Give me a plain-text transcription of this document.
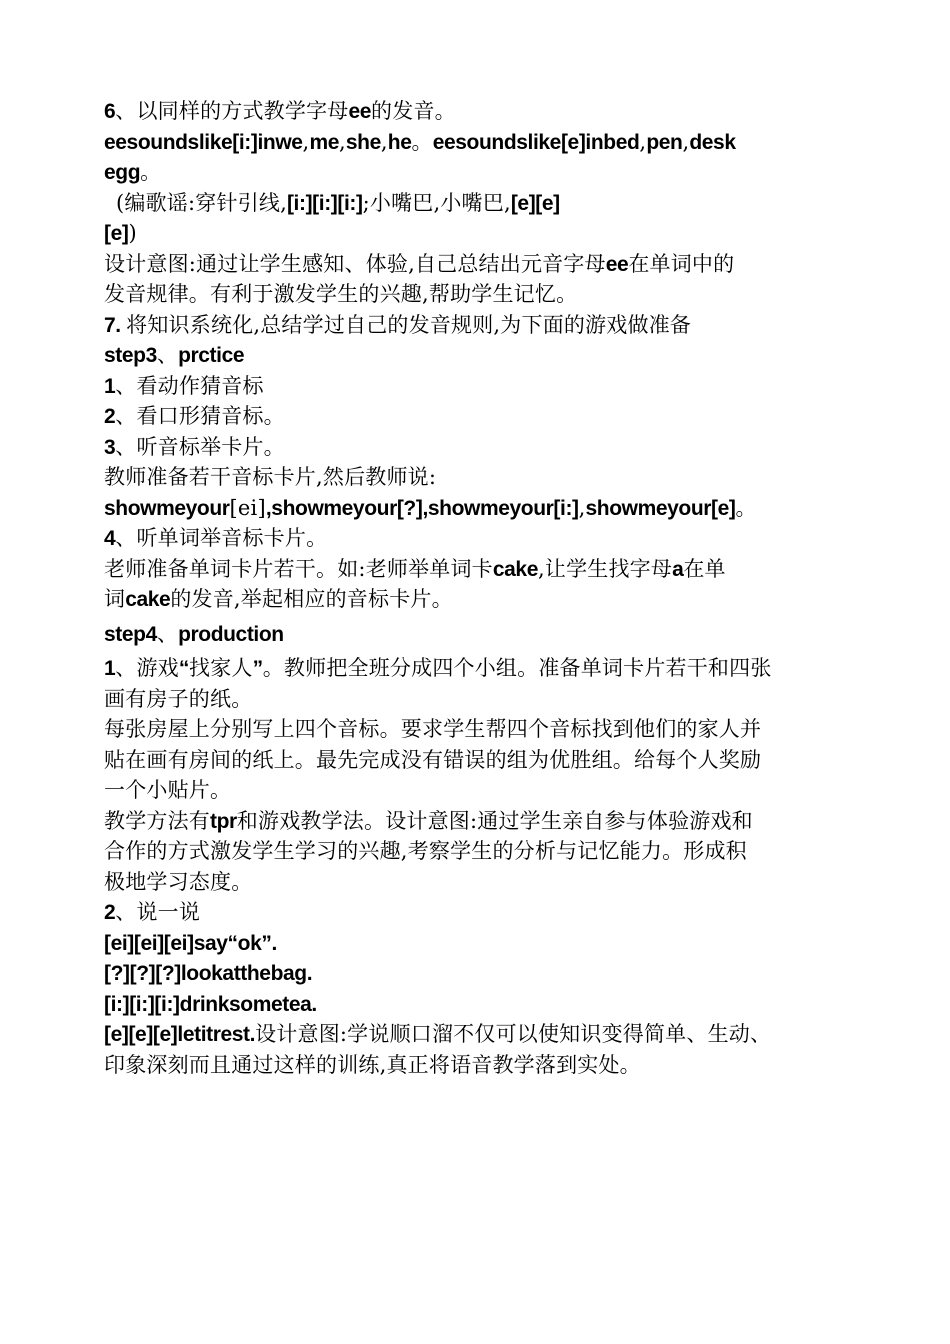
6、以同样的方式教学字母ee的发音。
eesoundslike[i:]inwe,me,she,he。eesoundslike[e]inbed,pen,desk
egg。
(编歌谣:穿针引线,[i:][i:][i:];小嘴巴,小嘴巴,[e][e]
[e])
设计意图:通过让学生感知、体验,自己总结出元音字母ee在单词中的
发音规律。有利于激发学生的兴趣,帮助学生记忆。
7. 将知识系统化,总结学过自己的发音规则,为下面的游戏做准备
step3、prctice
1、看动作猜音标
2、看口形猜音标。
3、听音标举卡片。
教师准备若干音标卡片,然后教师说:
showmeyour[ei],showmeyour[?],showmeyour[i:],showmeyour[e]。
4、听单词举音标卡片。
老师准备单词卡片若干。如:老师举单词卡cake,让学生找字母a在单
词cake的发音,举起相应的音标卡片。
step4、production
1、游戏“找家人”。教师把全班分成四个小组。准备单词卡片若干和四张
画有房子的纸。
每张房屋上分别写上四个音标。要求学生帮四个音标找到他们的家人并
贴在画有房间的纸上。最先完成没有错误的组为优胜组。给每个人奖励
一个小贴片。
教学方法有tpr和游戏教学法。设计意图:通过学生亲自参与体验游戏和
合作的方式激发学生学习的兴趣,考察学生的分析与记忆能力。形成积
极地学习态度。
2、说一说
[ei][ei][ei]say“ok”.
[?][?][?]lookatthebag.
[i:][i:][i:]drinksometea.
[e][e][e]letitrest.设计意图:学说顺口溜不仅可以使知识变得简单、生动、
印象深刻而且通过这样的训练,真正将语音教学落到实处。
